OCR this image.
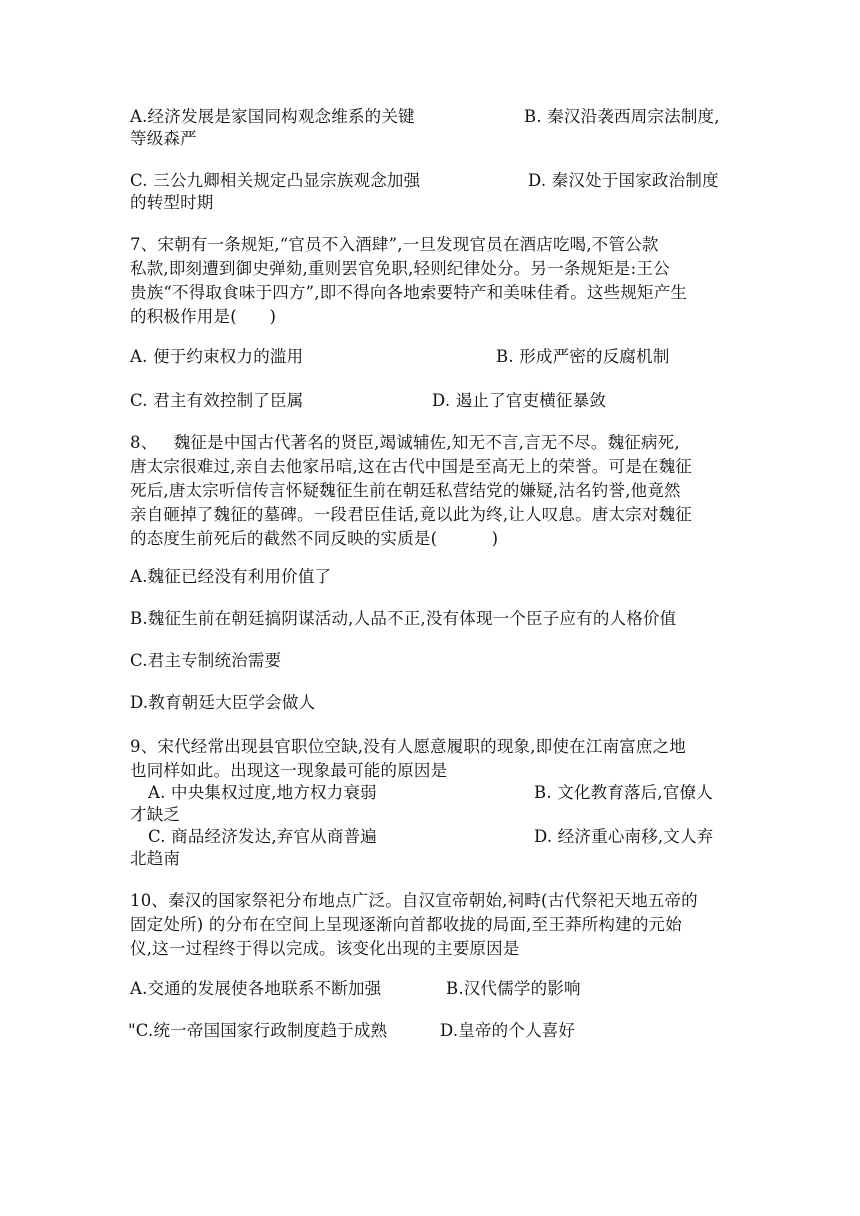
A.经济发展是家国同构观念维系的关键	B. 秦汉沿袭西周宗法制度,
等级森严
C. 三公九卿相关规定凸显宗族观念加强	D. 秦汉处于国家政治制度
的转型时期
7、宋朝有一条规矩,“官员不入酒肆”,一旦发现官员在酒店吃喝,不管公款
私款,即刻遭到御史弹劾,重则罢官免职,轻则纪律处分。另一条规矩是:王公
贵族“不得取食味于四方”,即不得向各地索要特产和美味佳肴。这些规矩产生
的积极作用是(      )
A. 便于约束权力的滥用	B. 形成严密的反腐机制
C. 君主有效控制了臣属	D. 遏止了官吏横征暴敛
8、   魏征是中国古代著名的贤臣,竭诚辅佐,知无不言,言无不尽。魏征病死,
唐太宗很难过,亲自去他家吊唁,这在古代中国是至高无上的荣誉。可是在魏征
死后,唐太宗听信传言怀疑魏征生前在朝廷私营结党的嫌疑,沽名钓誉,他竟然
亲自砸掉了魏征的墓碑。一段君臣佳话,竟以此为终,让人叹息。唐太宗对魏征
的态度生前死后的截然不同反映的实质是(          )
A.魏征已经没有利用价值了
B.魏征生前在朝廷搞阴谋活动,人品不正,没有体现一个臣子应有的人格价值
C.君主专制统治需要
D.教育朝廷大臣学会做人
9、宋代经常出现县官职位空缺,没有人愿意履职的现象,即使在江南富庶之地
也同样如此。出现这一现象最可能的原因是
A. 中央集权过度,地方权力衰弱	B. 文化教育落后,官僚人
才缺乏
C. 商品经济发达,弃官从商普遍	D. 经济重心南移,文人弃
北趋南
10、秦汉的国家祭祀分布地点广泛。自汉宣帝朝始,祠畤(古代祭祀天地五帝的
固定处所) 的分布在空间上呈现逐渐向首都收拢的局面,至王莽所构建的元始
仪,这一过程终于得以完成。该变化出现的主要原因是
A.交通的发展使各地联系不断加强	B.汉代儒学的影响
"C.统一帝国国家行政制度趋于成熟	D.皇帝的个人喜好
